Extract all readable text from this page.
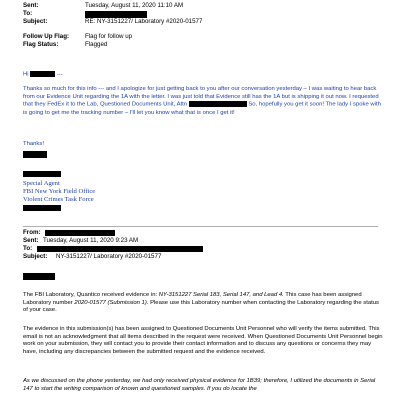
Sent:	Tuesday, August 11, 2020 11:10 AM
To:
Subject:	RE: NY-3151227/ Laboratory #2020-01577
Follow Up Flag:	Flag for follow up
Flag Status:	Flagged
Hi	---
Thanks so much for this info --- and I apologize for just getting back to you after our conversation yesterday – I was waiting to hear back from our Evidence Unit regarding the 1A with the letter. I was just told that Evidence still has the 1A but is shipping it out now. I requested that they FedEx it to the Lab, Questioned Documents Unit, Attn	So, hopefully you get it soon! The lady I spoke with is going to get me the tracking number – I'll let you know what that is once I get it!
Thanks!
Special Agent
FBI New York Field Office
Violent Crimes Task Force
From:
Sent: Tuesday, August 11, 2020 9:23 AM
To:
Subject: NY-3151227/ Laboratory #2020-01577
The FBI Laboratory, Quantico received evidence in: NY-3151227 Serial 183, Serial 147, and Lead 4. This case has been assigned Laboratory number 2020-01577 (Submission 1). Please use this Laboratory number when contacting the Laboratory regarding the status of your case.
The evidence in this submission(s) has been assigned to Questioned Documents Unit Personnel who will verify the items submitted. This email is not an acknowledgment that all items described in the request were received. When Questioned Documents Unit Personnel begin work on your submission, they will contact you to provide their contact information and to discuss any questions or concerns they may have, including any discrepancies between the submitted request and the evidence received.
As we discussed on the phone yesterday, we had only received physical evidence for 1B39; therefore, I utilized the documents in Serial 147 to start the writing comparison of known and questioned samples. If you do locate the
